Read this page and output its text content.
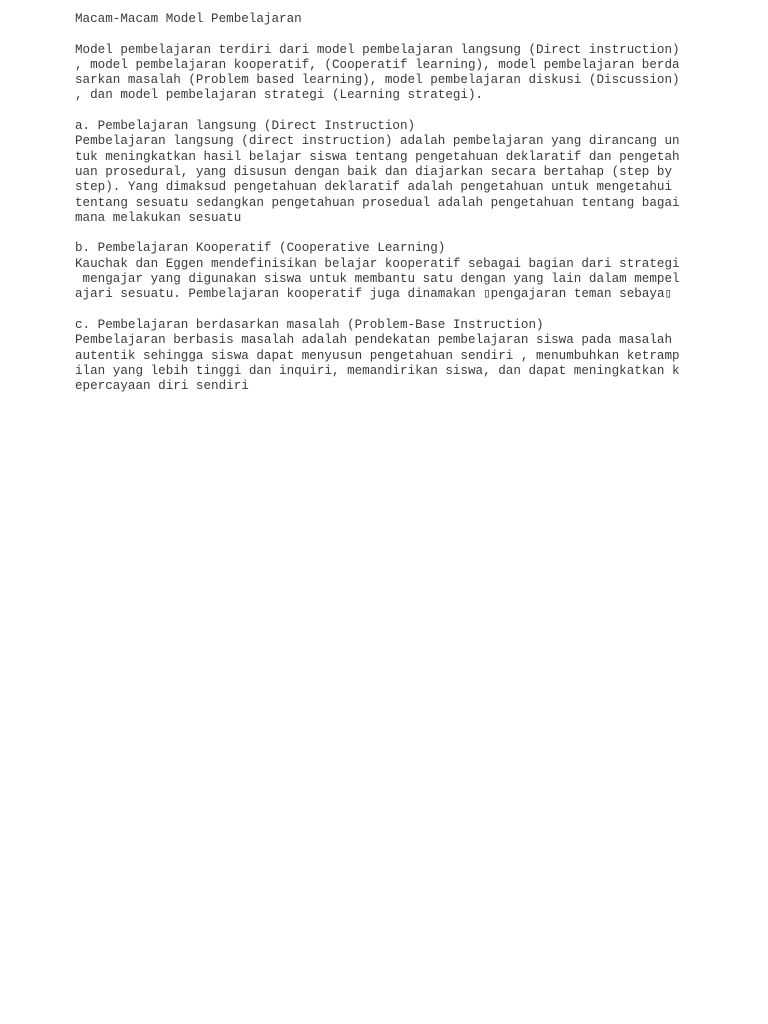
Macam-Macam Model Pembelajaran
Model pembelajaran terdiri dari model pembelajaran langsung (Direct instruction)
, model pembelajaran kooperatif, (Cooperatif learning), model pembelajaran berda
sarkan masalah (Problem based learning), model pembelajaran diskusi (Discussion)
, dan model pembelajaran strategi (Learning strategi).
a. Pembelajaran langsung (Direct Instruction)
Pembelajaran langsung (direct instruction) adalah pembelajaran yang dirancang un
tuk meningkatkan hasil belajar siswa tentang pengetahuan deklaratif dan pengetah
uan prosedural, yang disusun dengan baik dan diajarkan secara bertahap (step by
step). Yang dimaksud pengetahuan deklaratif adalah pengetahuan untuk mengetahui
tentang sesuatu sedangkan pengetahuan prosedual adalah pengetahuan tentang bagai
mana melakukan sesuatu
b. Pembelajaran Kooperatif (Cooperative Learning)
Kauchak dan Eggen mendefinisikan belajar kooperatif sebagai bagian dari strategi
mengajar yang digunakan siswa untuk membantu satu dengan yang lain dalam mempel
ajari sesuatu. Pembelajaran kooperatif juga dinamakan ▯pengajaran teman sebaya▯
c. Pembelajaran berdasarkan masalah (Problem-Base Instruction)
Pembelajaran berbasis masalah adalah pendekatan pembelajaran siswa pada masalah
autentik sehingga siswa dapat menyusun pengetahuan sendiri , menumbuhkan ketramp
ilan yang lebih tinggi dan inquiri, memandirikan siswa, dan dapat meningkatkan k
epercayaan diri sendiri
